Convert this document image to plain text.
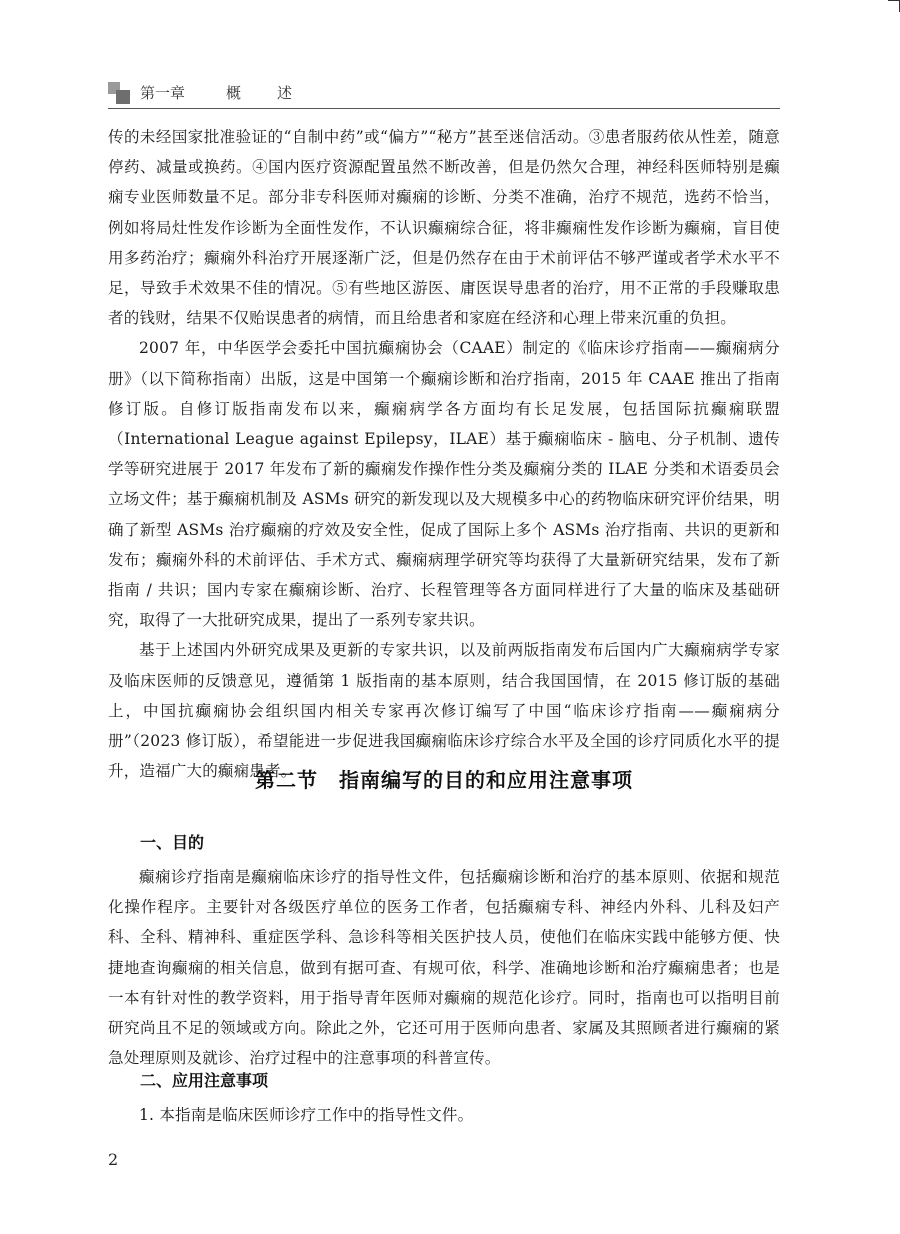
第一章	概述

传的未经国家批准验证的“自制中药”或“偏方”“秘方”甚至迷信活动。③患者服药依从性差，随意停药、减量或换药。④国内医疗资源配置虽然不断改善，但是仍然欠合理，神经科医师特别是癫痫专业医师数量不足。部分非专科医师对癫痫的诊断、分类不准确，治疗不规范，选药不恰当，例如将局灶性发作诊断为全面性发作，不认识癫痫综合征，将非癫痫性发作诊断为癫痫，盲目使用多药治疗；癫痫外科治疗开展逐渐广泛，但是仍然存在由于术前评估不够严谨或者学术水平不足，导致手术效果不佳的情况。⑤有些地区游医、庸医误导患者的治疗，用不正常的手段赚取患者的钱财，结果不仅贻误患者的病情，而且给患者和家庭在经济和心理上带来沉重的负担。

2007 年，中华医学会委托中国抗癫痫协会（CAAE）制定的《临床诊疗指南——癫痫病分册》（以下简称指南）出版，这是中国第一个癫痫诊断和治疗指南，2015 年 CAAE 推出了指南修订版。自修订版指南发布以来，癫痫病学各方面均有长足发展，包括国际抗癫痫联盟（International League against Epilepsy，ILAE）基于癫痫临床 - 脑电、分子机制、遗传学等研究进展于 2017 年发布了新的癫痫发作操作性分类及癫痫分类的 ILAE 分类和术语委员会立场文件；基于癫痫机制及 ASMs 研究的新发现以及大规模多中心的药物临床研究评价结果，明确了新型 ASMs 治疗癫痫的疗效及安全性，促成了国际上多个 ASMs 治疗指南、共识的更新和发布；癫痫外科的术前评估、手术方式、癫痫病理学研究等均获得了大量新研究结果，发布了新指南 / 共识；国内专家在癫痫诊断、治疗、长程管理等各方面同样进行了大量的临床及基础研究，取得了一大批研究成果，提出了一系列专家共识。

基于上述国内外研究成果及更新的专家共识，以及前两版指南发布后国内广大癫痫病学专家及临床医师的反馈意见，遵循第 1 版指南的基本原则，结合我国国情，在 2015 修订版的基础上，中国抗癫痫协会组织国内相关专家再次修订编写了中国“临床诊疗指南——癫痫病分册”（2023 修订版），希望能进一步促进我国癫痫临床诊疗综合水平及全国的诊疗同质化水平的提升，造福广大的癫痫患者。

第二节　指南编写的目的和应用注意事项
一、目的

癫痫诊疗指南是癫痫临床诊疗的指导性文件，包括癫痫诊断和治疗的基本原则、依据和规范化操作程序。主要针对各级医疗单位的医务工作者，包括癫痫专科、神经内外科、儿科及妇产科、全科、精神科、重症医学科、急诊科等相关医护技人员，使他们在临床实践中能够方便、快捷地查询癫痫的相关信息，做到有据可查、有规可依，科学、准确地诊断和治疗癫痫患者；也是一本有针对性的教学资料，用于指导青年医师对癫痫的规范化诊疗。同时，指南也可以指明目前研究尚且不足的领域或方向。除此之外，它还可用于医师向患者、家属及其照顾者进行癫痫的紧急处理原则及就诊、治疗过程中的注意事项的科普宣传。

二、应用注意事项

1. 本指南是临床医师诊疗工作中的指导性文件。

2
